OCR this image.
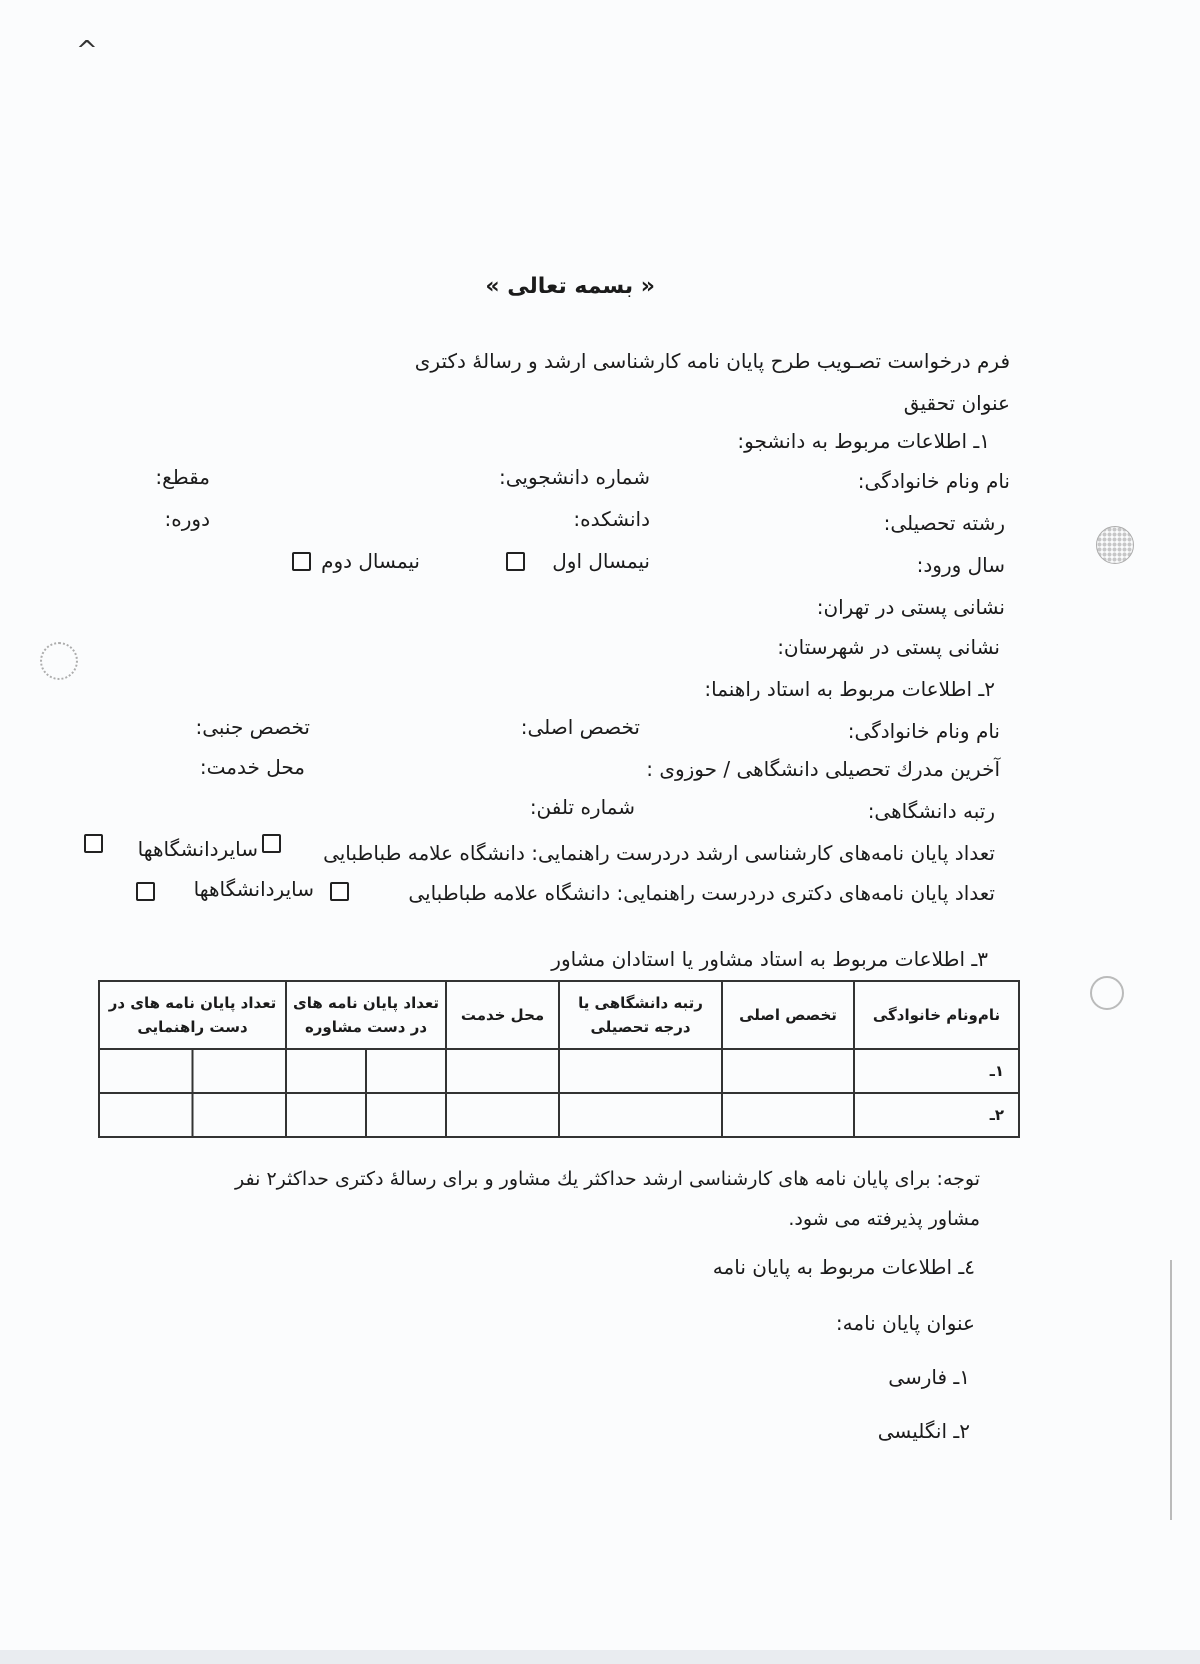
^
« بسمه تعالی »
فرم درخواست تصـويب طرح پايان نامه كارشناسی ارشد و رسالهٔ دكتری
عنوان تحقيق
١ـ اطلاعات مربوط به دانشجو:
نام ونام خانوادگی:
شماره دانشجويی:
مقطع:
رشته تحصيلی:
دانشكده:
دوره:
سال ورود:
نيمسال اول
نيمسال دوم
نشانی پستی در تهران:
نشانی پستی در شهرستان:
٢ـ اطلاعات مربوط به استاد راهنما:
نام ونام خانوادگی:
تخصص اصلی:
تخصص جنبی:
آخرين مدرك تحصيلی دانشگاهی / حوزوی :
محل خدمت:
رتبه دانشگاهی:
شماره تلفن:
تعداد پايان نامه‌های كارشناسی ارشد دردرست راهنمايی: دانشگاه علامه طباطبايی
سايردانشگاهها
تعداد پايان نامه‌های دكتری دردرست راهنمايی: دانشگاه علامه طباطبايی
سايردانشگاهها
٣ـ اطلاعات مربوط به استاد مشاور يا استادان مشاور
نام‌ونام خانوادگی	تخصص اصلی	رتبه دانشگاهی يا درجه تحصيلی	محل خدمت	تعداد پايان نامه های در دست مشاوره	تعداد پايان نامه های در دست راهنمايی
١ـ					
٢ـ					
توجه: برای پايان نامه های كارشناسی ارشد حداكثر يك مشاور و برای رسالهٔ دكتری حداكثر٢ نفر
مشاور پذيرفته می شود.
٤ـ اطلاعات مربوط به پايان نامه
عنوان پايان نامه:
١ـ فارسی
٢ـ انگليسی
